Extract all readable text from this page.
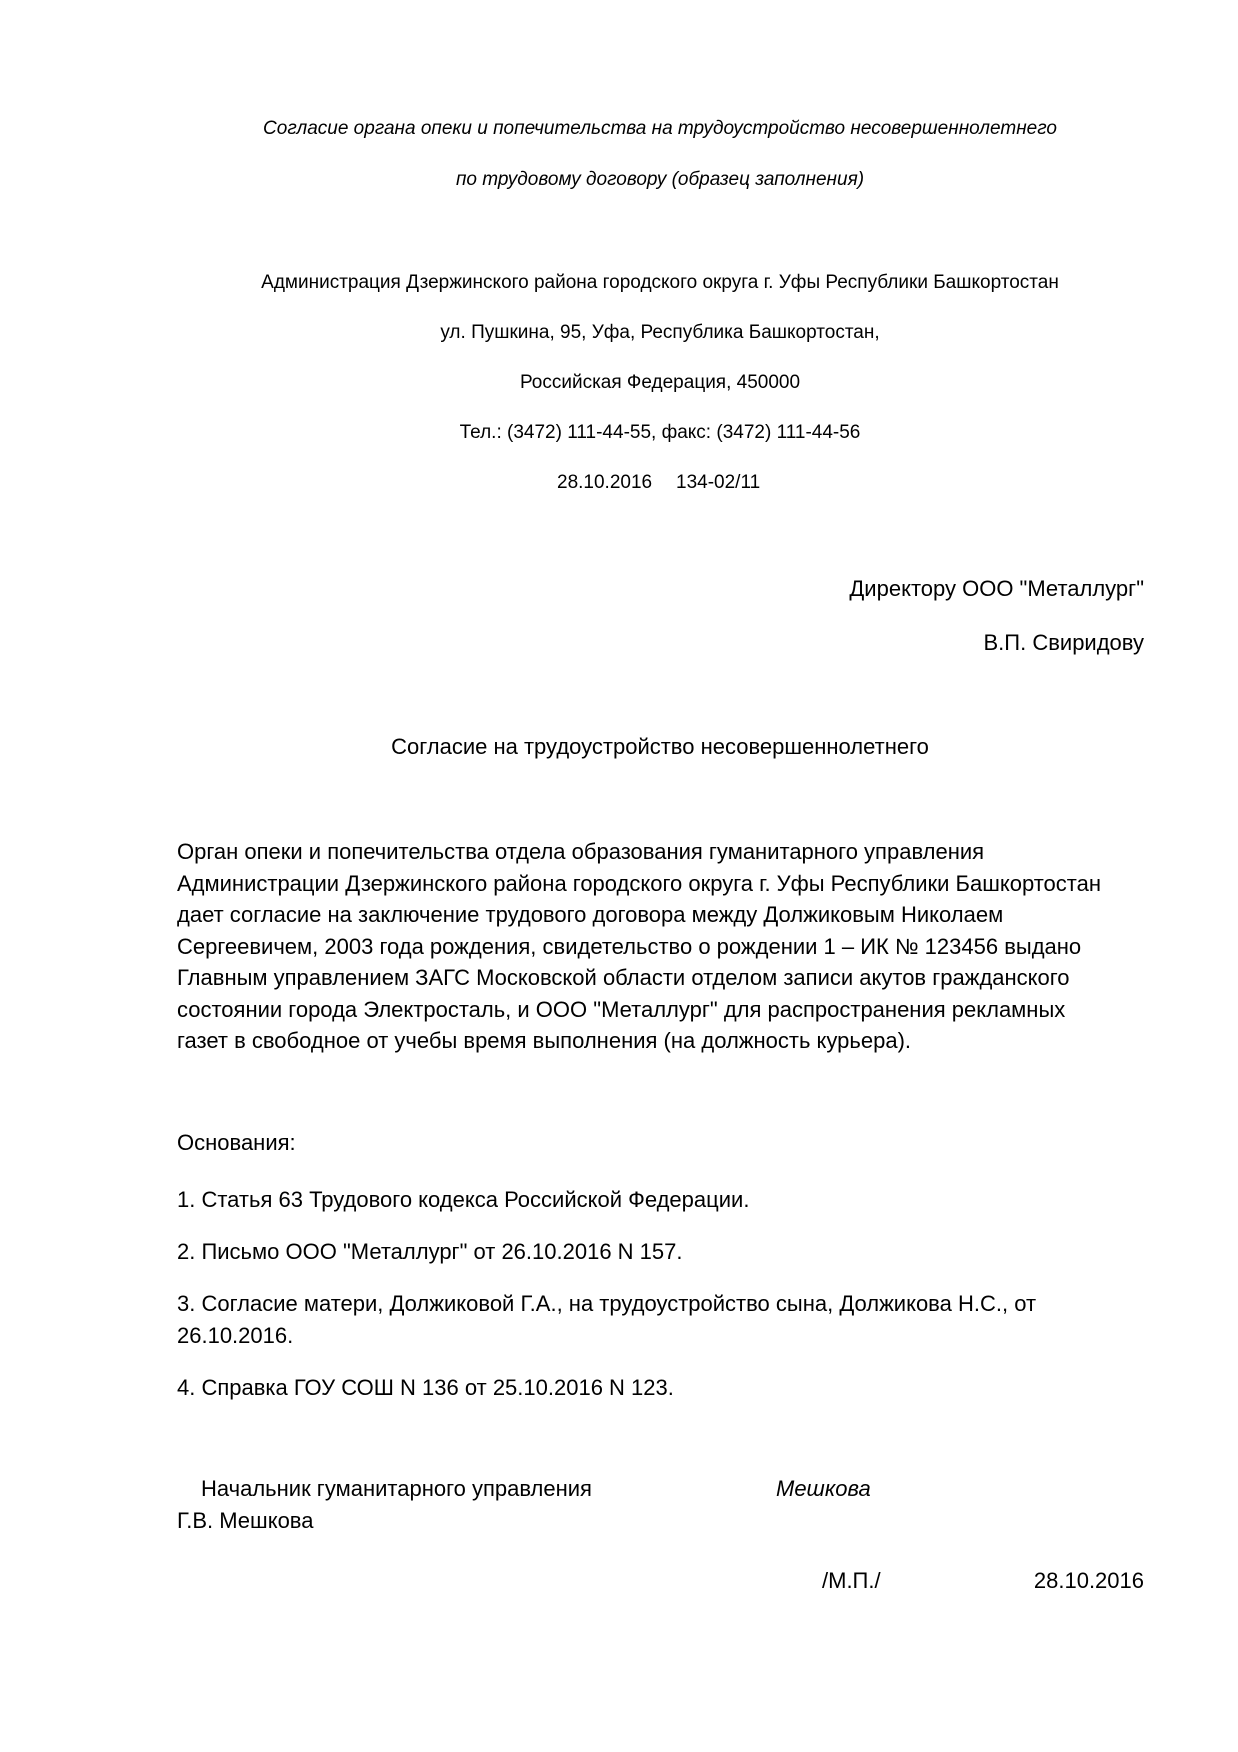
Согласие органа опеки и попечительства на трудоустройство несовершеннолетнего
по трудовому договору (образец заполнения)
Администрация Дзержинского района городского округа г. Уфы Республики Башкортостан
ул. Пушкина, 95, Уфа, Республика Башкортостан,
Российская Федерация, 450000
Тел.: (3472) 111-44-55, факс: (3472) 111-44-56
28.10.2016 134-02/11
Директору ООО "Металлург"
В.П. Свиридову
Согласие на трудоустройство несовершеннолетнего
Орган опеки и попечительства отдела образования гуманитарного управления
Администрации Дзержинского района городского округа г. Уфы Республики Башкортостан
дает согласие на заключение трудового договора между Должиковым Николаем
Сергеевичем, 2003 года рождения, свидетельство о рождении 1 – ИК № 123456 выдано
Главным управлением ЗАГС Московской области отделом записи акутов гражданского
состоянии города Электросталь, и ООО "Металлург" для распространения рекламных
газет в свободное от учебы время выполнения (на должность курьера).
Основания:
1. Статья 63 Трудового кодекса Российской Федерации.
2. Письмо ООО "Металлург" от 26.10.2016 N 157.
3. Согласие матери, Должиковой Г.А., на трудоустройство сына, Должикова Н.С., от
26.10.2016.
4. Справка ГОУ СОШ N 136 от 25.10.2016 N 123.
Начальник гуманитарного управления	Мешкова
Г.В. Мешкова
/М.П./	28.10.2016
